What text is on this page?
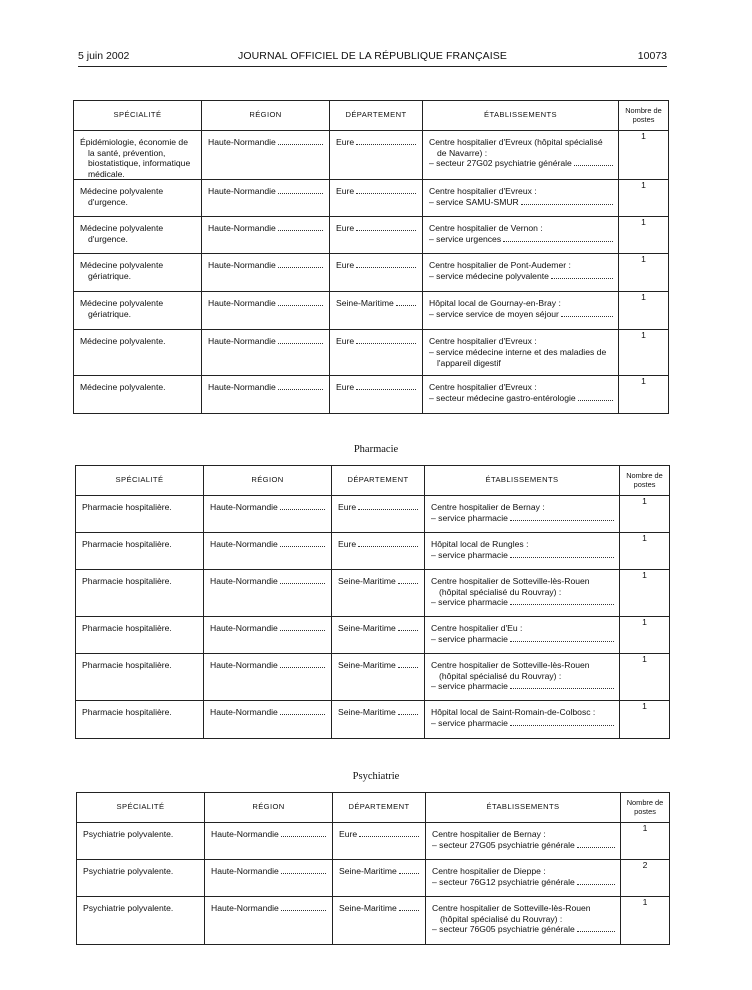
5 juin 2002	JOURNAL OFFICIEL DE LA RÉPUBLIQUE FRANÇAISE	10073
SPÉCIALITÉ	RÉGION	DÉPARTEMENT	ÉTABLISSEMENTS	Nombre de
postes

Épidémiologie, économie de la santé, prévention, biostatistique, informatique médicale.	Haute-Normandie	Eure	Centre hospitalier d'Evreux (hôpital spécialisé de Navarre) :
– secteur 27G02 psychiatrie générale	1

Médecine polyvalente d'urgence.	Haute-Normandie	Eure	Centre hospitalier d'Evreux :
– service SAMU-SMUR	1

Médecine polyvalente d'urgence.	Haute-Normandie	Eure	Centre hospitalier de Vernon :
– service urgences	1

Médecine polyvalente gériatrique.	Haute-Normandie	Eure	Centre hospitalier de Pont-Audemer :
– service médecine polyvalente	1

Médecine polyvalente gériatrique.	Haute-Normandie	Seine-Maritime	Hôpital local de Gournay-en-Bray :
– service service de moyen séjour	1

Médecine polyvalente.	Haute-Normandie	Eure	Centre hospitalier d'Evreux :
– service médecine interne et des maladies de l'appareil digestif	1

Médecine polyvalente.	Haute-Normandie	Eure	Centre hospitalier d'Evreux :
– secteur médecine gastro-entérologie	1
Pharmacie
SPÉCIALITÉ	RÉGION	DÉPARTEMENT	ÉTABLISSEMENTS	Nombre de
postes

Pharmacie hospitalière.	Haute-Normandie	Eure	Centre hospitalier de Bernay :
– service pharmacie	1

Pharmacie hospitalière.	Haute-Normandie	Eure	Hôpital local de Rungles :
– service pharmacie	1

Pharmacie hospitalière.	Haute-Normandie	Seine-Maritime	Centre hospitalier de Sotteville-lès-Rouen (hôpital spécialisé du Rouvray) :
– service pharmacie	1

Pharmacie hospitalière.	Haute-Normandie	Seine-Maritime	Centre hospitalier d'Eu :
– service pharmacie	1

Pharmacie hospitalière.	Haute-Normandie	Seine-Maritime	Centre hospitalier de Sotteville-lès-Rouen (hôpital spécialisé du Rouvray) :
– service pharmacie	1

Pharmacie hospitalière.	Haute-Normandie	Seine-Maritime	Hôpital local de Saint-Romain-de-Colbosc :
– service pharmacie	1
Psychiatrie
SPÉCIALITÉ	RÉGION	DÉPARTEMENT	ÉTABLISSEMENTS	Nombre de
postes

Psychiatrie polyvalente.	Haute-Normandie	Eure	Centre hospitalier de Bernay :
– secteur 27G05 psychiatrie générale	1

Psychiatrie polyvalente.	Haute-Normandie	Seine-Maritime	Centre hospitalier de Dieppe :
– secteur 76G12 psychiatrie générale	2

Psychiatrie polyvalente.	Haute-Normandie	Seine-Maritime	Centre hospitalier de Sotteville-lès-Rouen (hôpital spécialisé du Rouvray) :
– secteur 76G05 psychiatrie générale	1
